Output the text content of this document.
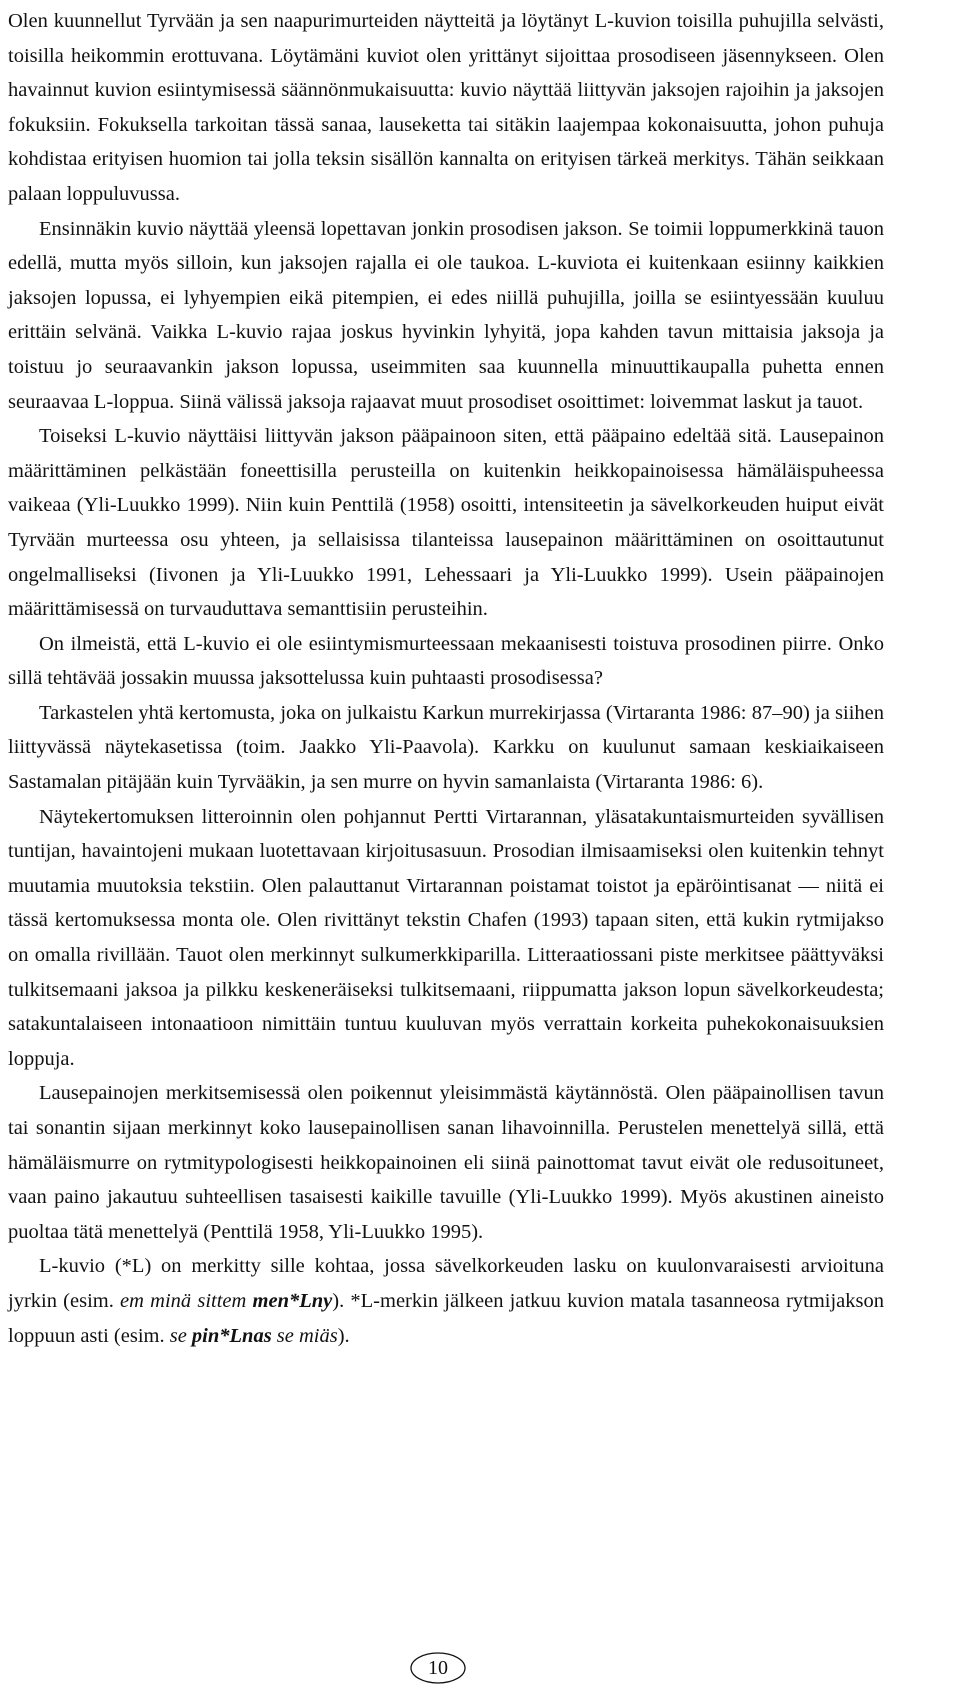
Olen kuunnellut Tyrvään ja sen naapurimurteiden näytteitä ja löytänyt L-kuvion toisilla puhujilla selvästi, toisilla heikommin erottuvana. Löytämäni kuviot olen yrittänyt sijoittaa prosodiseen jäsennykseen. Olen havainnut kuvion esiintymisessä säännönmukaisuutta: kuvio näyttää liittyvän jaksojen rajoihin ja jaksojen fokuksiin. Fokuksella tarkoitan tässä sanaa, lauseketta tai sitäkin laajempaa kokonaisuutta, johon puhuja kohdistaa erityisen huomion tai jolla teksin sisällön kannalta on erityisen tärkeä merkitys. Tähän seikkaan palaan loppuluvussa.

Ensinnäkin kuvio näyttää yleensä lopettavan jonkin prosodisen jakson. Se toimii loppumerkkinä tauon edellä, mutta myös silloin, kun jaksojen rajalla ei ole taukoa. L-kuviota ei kuitenkaan esiinny kaikkien jaksojen lopussa, ei lyhyempien eikä pitempien, ei edes niillä puhujilla, joilla se esiintyessään kuuluu erittäin selvänä. Vaikka L-kuvio rajaa joskus hyvinkin lyhyitä, jopa kahden tavun mittaisia jaksoja ja toistuu jo seuraavankin jakson lopussa, useimmiten saa kuunnella minuuttikaupalla puhetta ennen seuraavaa L-loppua. Siinä välissä jaksoja rajaavat muut prosodiset osoittimet: loivemmat laskut ja tauot.

Toiseksi L-kuvio näyttäisi liittyvän jakson pääpainoon siten, että pääpaino edeltää sitä. Lausepainon määrittäminen pelkästään foneettisilla perusteilla on kuitenkin heikkopainoisessa hämäläispuheessa vaikeaa (Yli-Luukko 1999). Niin kuin Penttilä (1958) osoitti, intensiteetin ja sävelkorkeuden huiput eivät Tyrvään murteessa osu yhteen, ja sellaisissa tilanteissa lausepainon määrittäminen on osoittautunut ongelmalliseksi (Iivonen ja Yli-Luukko 1991, Lehessaari ja Yli-Luukko 1999). Usein pääpainojen määrittämisessä on turvauduttava semanttisiin perusteihin.

On ilmeistä, että L-kuvio ei ole esiintymismurteessaan mekaanisesti toistuva prosodinen piirre. Onko sillä tehtävää jossakin muussa jaksottelussa kuin puhtaasti prosodisessa?

Tarkastelen yhtä kertomusta, joka on julkaistu Karkun murrekirjassa (Virtaranta 1986: 87–90) ja siihen liittyvässä näytekasetissa (toim. Jaakko Yli-Paavola). Karkku on kuulunut samaan keskiaikaiseen Sastamalan pitäjään kuin Tyrvääkin, ja sen murre on hyvin samanlaista (Virtaranta 1986: 6).

Näytekertomuksen litteroinnin olen pohjannut Pertti Virtarannan, yläsatakuntaismurteiden syvällisen tuntijan, havaintojeni mukaan luotettavaan kirjoitusasuun. Prosodian ilmisaamiseksi olen kuitenkin tehnyt muutamia muutoksia tekstiin. Olen palauttanut Virtarannan poistamat toistot ja epäröintisanat — niitä ei tässä kertomuksessa monta ole. Olen rivittänyt tekstin Chafen (1993) tapaan siten, että kukin rytmijakso on omalla rivillään. Tauot olen merkinnyt sulkumerkkiparilla. Litteraatiossani piste merkitsee päättyväksi tulkitsemaani jaksoa ja pilkku keskeneräiseksi tulkitsemaani, riippumatta jakson lopun sävelkorkeudesta; satakuntalaiseen intonaatioon nimittäin tuntuu kuuluvan myös verrattain korkeita puhekokonaisuuksien loppuja.

Lausepainojen merkitsemisessä olen poikennut yleisimmästä käytännöstä. Olen pääpainollisen tavun tai sonantin sijaan merkinnyt koko lausepainollisen sanan lihavoinnilla. Perustelen menettelyä sillä, että hämäläismurre on rytmitypologisesti heikkopainoinen eli siinä painottomat tavut eivät ole redusoituneet, vaan paino jakautuu suhteellisen tasaisesti kaikille tavuille (Yli-Luukko 1999). Myös akustinen aineisto puoltaa tätä menettelyä (Penttilä 1958, Yli-Luukko 1995).

L-kuvio (*L) on merkitty sille kohtaa, jossa sävelkorkeuden lasku on kuulonvaraisesti arvioituna jyrkin (esim. em minä sittem men*Lny). *L-merkin jälkeen jatkuu kuvion matala tasanneosa rytmijakson loppuun asti (esim. se pin*Lnas se miäs).

10
